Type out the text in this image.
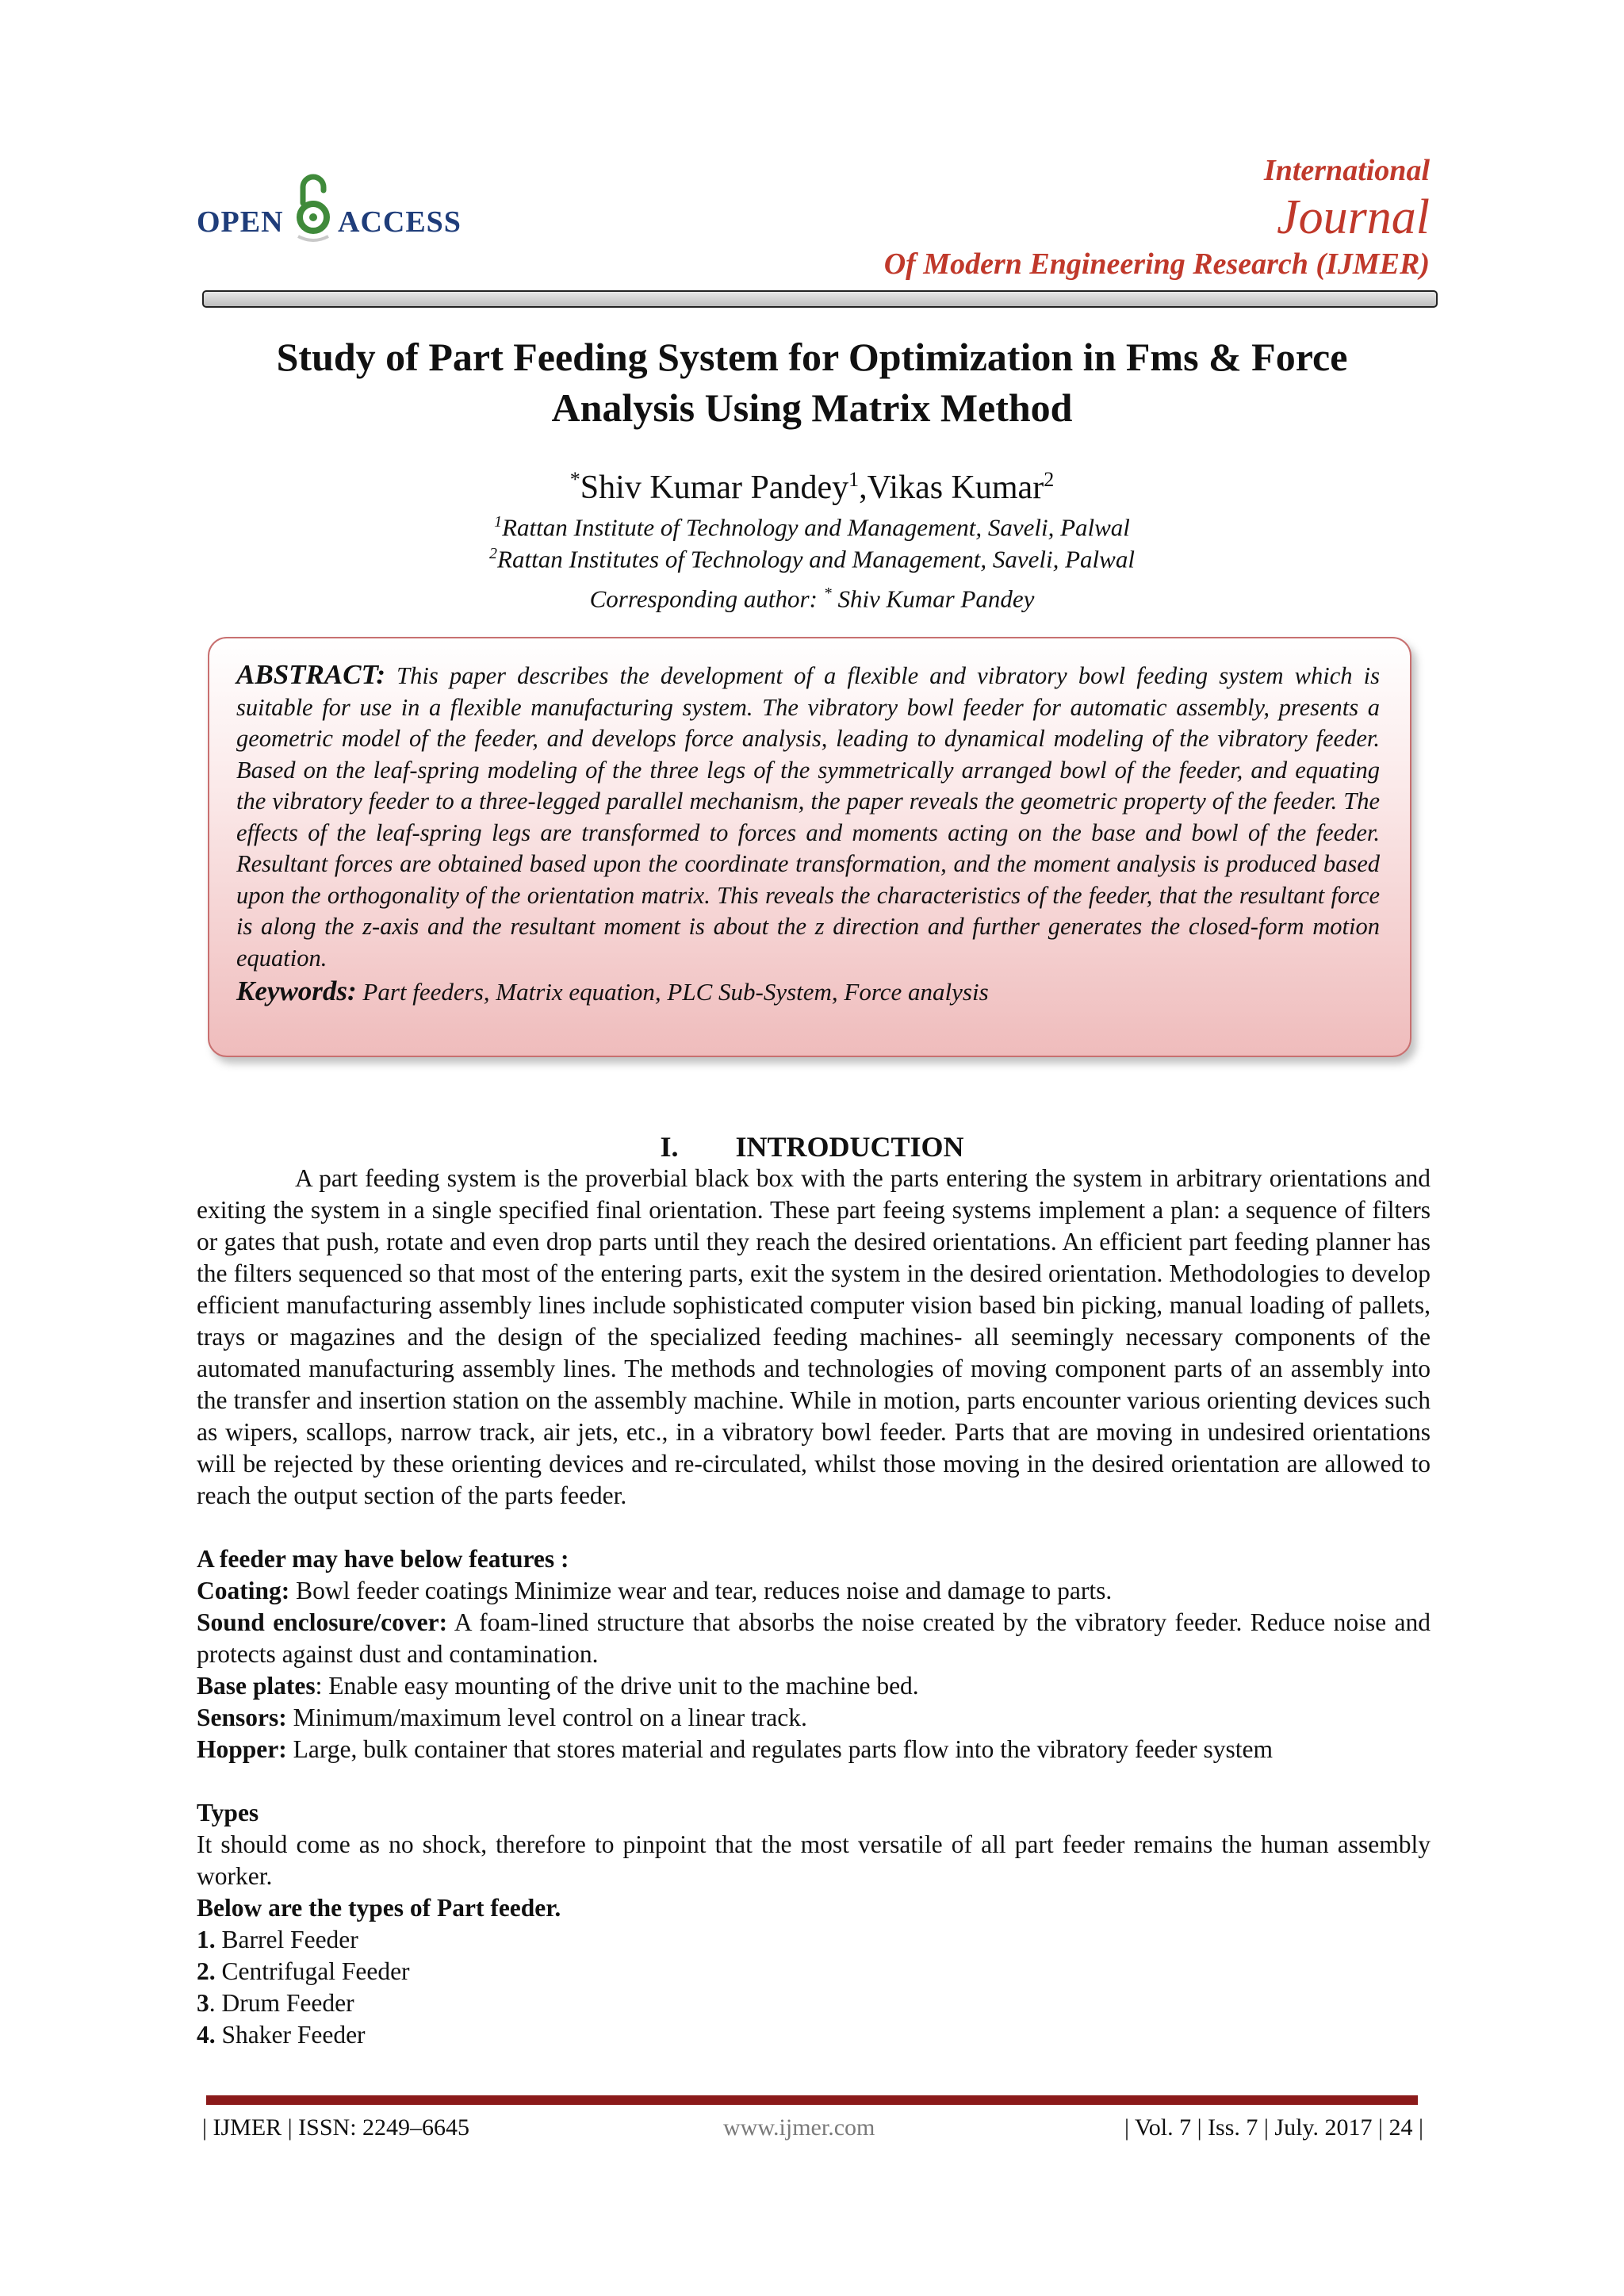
OPEN ACCESS
International
Journal
Of Modern Engineering Research (IJMER)
Study of Part Feeding System for Optimization in Fms & Force
Analysis Using Matrix Method
*Shiv Kumar Pandey$^1$,Vikas Kumar$^2$
$^1$Rattan Institute of Technology and Management, Saveli, Palwal
$^2$Rattan Institutes of Technology and Management, Saveli, Palwal
Corresponding author: * Shiv Kumar Pandey
ABSTRACT: This paper describes the development of a flexible and vibratory bowl feeding system which is suitable for use in a flexible manufacturing system. The vibratory bowl feeder for automatic assembly, presents a geometric model of the feeder, and develops force analysis, leading to dynamical modeling of the vibratory feeder. Based on the leaf-spring modeling of the three legs of the symmetrically arranged bowl of the feeder, and equating the vibratory feeder to a three-legged parallel mechanism, the paper reveals the geometric property of the feeder. The effects of the leaf-spring legs are transformed to forces and moments acting on the base and bowl of the feeder. Resultant forces are obtained based upon the coordinate transformation, and the moment analysis is produced based upon the orthogonality of the orientation matrix. This reveals the characteristics of the feeder, that the resultant force is along the z-axis and the resultant moment is about the z direction and further generates the closed-form motion equation.
Keywords: Part feeders, Matrix equation, PLC Sub-System, Force analysis
I. INTRODUCTION

A part feeding system is the proverbial black box with the parts entering the system in arbitrary orientations and exiting the system in a single specified final orientation. These part feeing systems implement a plan: a sequence of filters or gates that push, rotate and even drop parts until they reach the desired orientations. An efficient part feeding planner has the filters sequenced so that most of the entering parts, exit the system in the desired orientation. Methodologies to develop efficient manufacturing assembly lines include sophisticated computer vision based bin picking, manual loading of pallets, trays or magazines and the design of the specialized feeding machines- all seemingly necessary components of the automated manufacturing assembly lines. The methods and technologies of moving component parts of an assembly into the transfer and insertion station on the assembly machine. While in motion, parts encounter various orienting devices such as wipers, scallops, narrow track, air jets, etc., in a vibratory bowl feeder. Parts that are moving in undesired orientations will be rejected by these orienting devices and re-circulated, whilst those moving in the desired orientation are allowed to reach the output section of the parts feeder.

A feeder may have below features :

Coating: Bowl feeder coatings Minimize wear and tear, reduces noise and damage to parts.

Sound enclosure/cover: A foam-lined structure that absorbs the noise created by the vibratory feeder. Reduce noise and protects against dust and contamination.

Base plates: Enable easy mounting of the drive unit to the machine bed.

Sensors: Minimum/maximum level control on a linear track.

Hopper: Large, bulk container that stores material and regulates parts flow into the vibratory feeder system

Types

It should come as no shock, therefore to pinpoint that the most versatile of all part feeder remains the human assembly worker.

Below are the types of Part feeder.

1. Barrel Feeder

2. Centrifugal Feeder

3. Drum Feeder

4. Shaker Feeder

| IJMER | ISSN: 2249–6645	www.ijmer.com	| Vol. 7 | Iss. 7 | July. 2017 | 24 |
